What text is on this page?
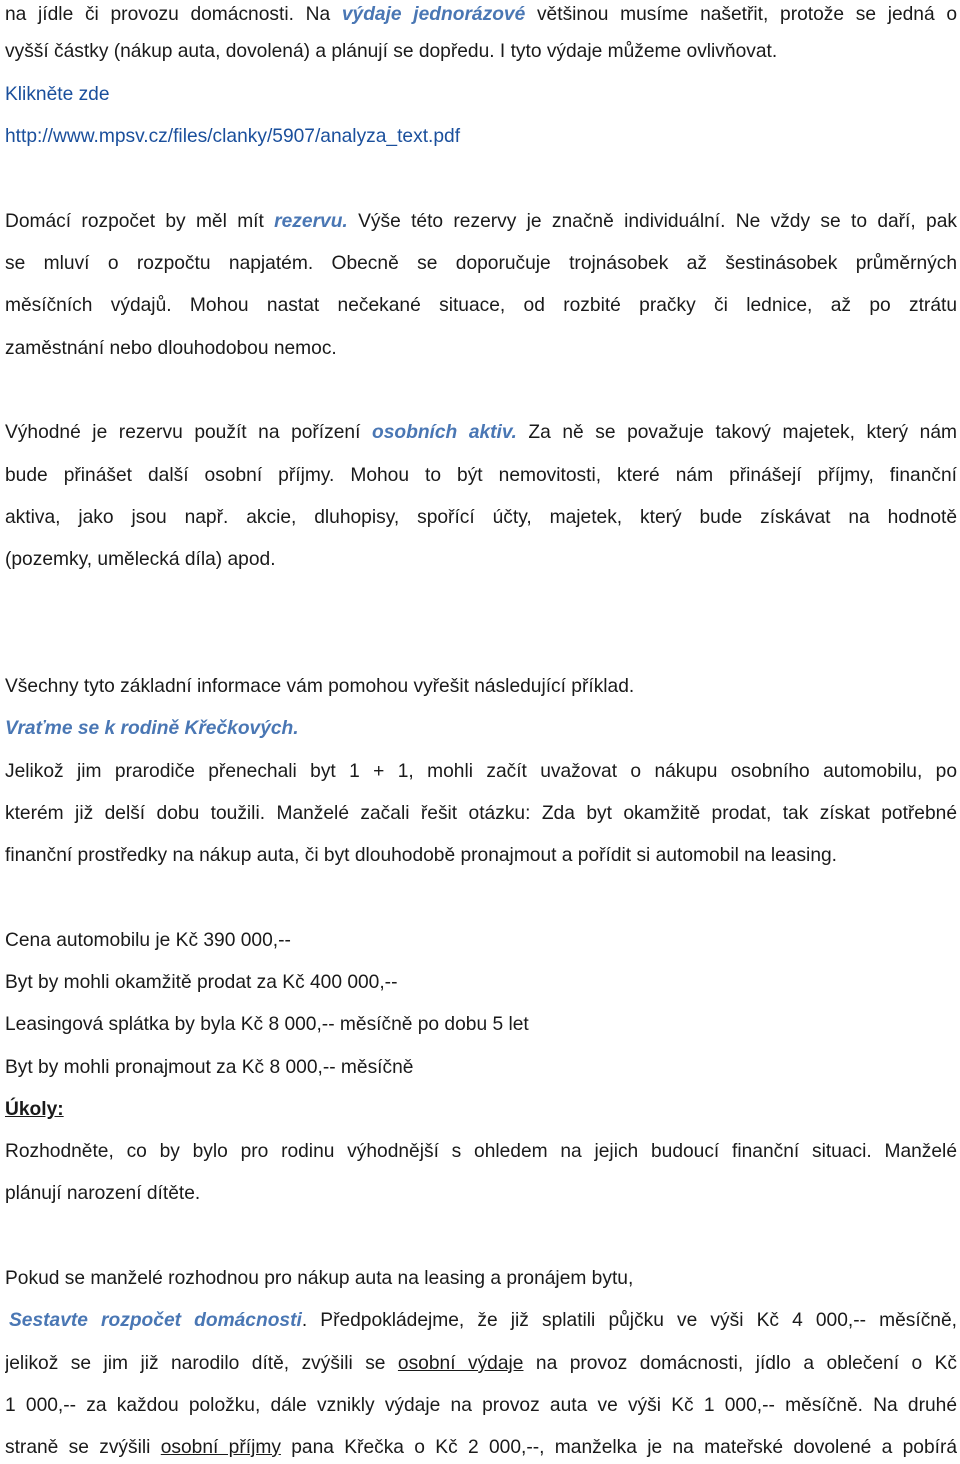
na jídle či provozu domácnosti. Na výdaje jednorázové většinou musíme našetřit, protože se jedná o
vyšší částky (nákup auta, dovolená) a plánují se dopředu. I tyto výdaje můžeme ovlivňovat.
Klikněte zde
http://www.mpsv.cz/files/clanky/5907/analyza_text.pdf
Domácí rozpočet by měl mít rezervu. Výše této rezervy je značně individuální. Ne vždy se to daří, pak
se mluví o rozpočtu napjatém. Obecně se doporučuje trojnásobek až šestinásobek průměrných
měsíčních výdajů. Mohou nastat nečekané situace, od rozbité pračky či lednice, až po ztrátu
zaměstnání nebo dlouhodobou nemoc.
Výhodné je rezervu použít na pořízení osobních aktiv. Za ně se považuje takový majetek, který nám
bude přinášet další osobní příjmy. Mohou to být nemovitosti, které nám přinášejí příjmy, finanční
aktiva, jako jsou např. akcie, dluhopisy, spořící účty, majetek, který bude získávat na hodnotě
(pozemky, umělecká díla) apod.
Všechny tyto základní informace vám pomohou vyřešit následující příklad.
Vraťme se k rodině Křečkových.
Jelikož jim prarodiče přenechali byt 1 + 1, mohli začít uvažovat o nákupu osobního automobilu, po
kterém již delší dobu toužili. Manželé začali řešit otázku: Zda byt okamžitě prodat, tak získat potřebné
finanční prostředky na nákup auta, či byt dlouhodobě pronajmout a pořídit si automobil na leasing.
Cena automobilu je Kč 390 000,--
Byt by mohli okamžitě prodat za Kč 400 000,--
Leasingová splátka by byla Kč 8 000,-- měsíčně po dobu 5 let
Byt by mohli pronajmout za Kč 8 000,-- měsíčně
Úkoly:
Rozhodněte, co by bylo pro rodinu výhodnější s ohledem na jejich budoucí finanční situaci. Manželé
plánují narození dítěte.
Pokud se manželé rozhodnou pro nákup auta na leasing a pronájem bytu,
Sestavte rozpočet domácnosti. Předpokládejme, že již splatili půjčku ve výši Kč 4 000,-- měsíčně,
jelikož se jim již narodilo dítě, zvýšili se osobní výdaje na provoz domácnosti, jídlo a oblečení o Kč
1 000,-- za každou položku, dále vznikly výdaje na provoz auta ve výši Kč 1 000,-- měsíčně. Na druhé
straně se zvýšili osobní příjmy pana Křečka o Kč 2 000,--, manželka je na mateřské dovolené a pobírá
